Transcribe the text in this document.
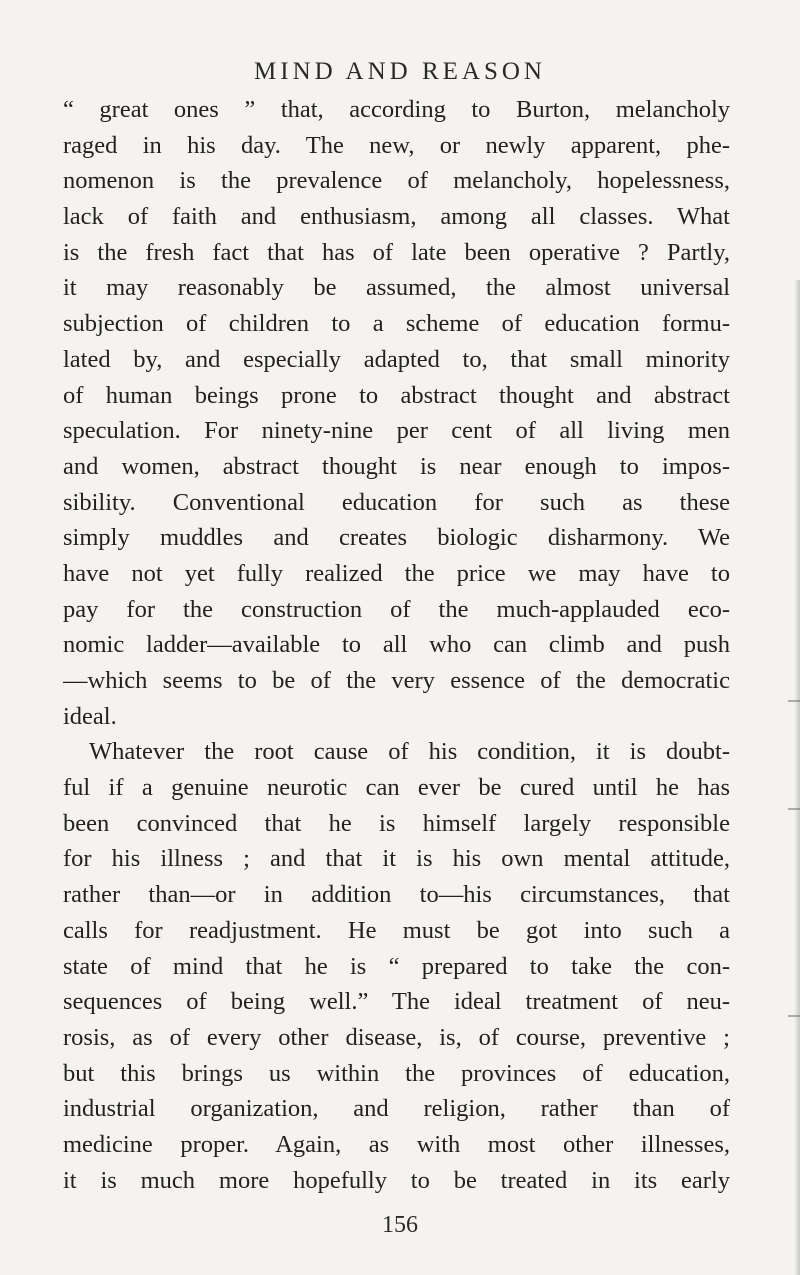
MIND AND REASON
“ great ones ” that, according to Burton, melancholy
raged in his day. The new, or newly apparent, phe-
nomenon is the prevalence of melancholy, hopelessness,
lack of faith and enthusiasm, among all classes. What
is the fresh fact that has of late been operative ? Partly,
it may reasonably be assumed, the almost universal
subjection of children to a scheme of education formu-
lated by, and especially adapted to, that small minority
of human beings prone to abstract thought and abstract
speculation. For ninety-nine per cent of all living men
and women, abstract thought is near enough to impos-
sibility. Conventional education for such as these
simply muddles and creates biologic disharmony. We
have not yet fully realized the price we may have to
pay for the construction of the much-applauded eco-
nomic ladder—available to all who can climb and push
—which seems to be of the very essence of the democratic
ideal.
Whatever the root cause of his condition, it is doubt-
ful if a genuine neurotic can ever be cured until he has
been convinced that he is himself largely responsible
for his illness ; and that it is his own mental attitude,
rather than—or in addition to—his circumstances, that
calls for readjustment. He must be got into such a
state of mind that he is “ prepared to take the con-
sequences of being well.” The ideal treatment of neu-
rosis, as of every other disease, is, of course, preventive ;
but this brings us within the provinces of education,
industrial organization, and religion, rather than of
medicine proper. Again, as with most other illnesses,
it is much more hopefully to be treated in its early
156
